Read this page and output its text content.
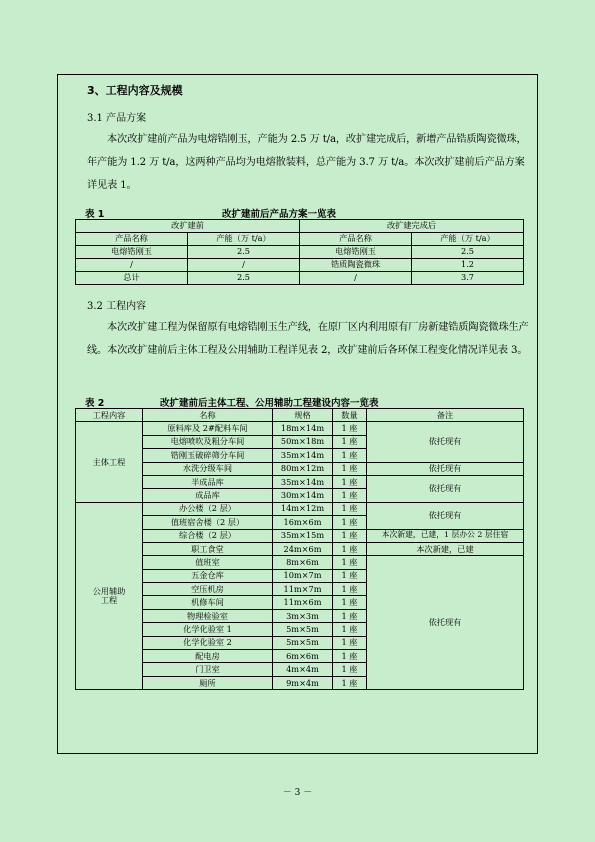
3、工程内容及规模
3.1 产品方案
本次改扩建前产品为电熔锆刚玉，产能为 2.5 万 t/a，改扩建完成后，新增产品锆质陶瓷微珠，年产能为 1.2 万 t/a，这两种产品均为电熔散装料，总产能为 3.7 万 t/a。本次改扩建前后产品方案详见表 1。
表 1	改扩建前后产品方案一览表
改扩建前		改扩建完成后	
产品名称	产能（万 t/a）	产品名称	产能（万 t/a）
电熔锆刚玉	2.5	电熔锆刚玉	2.5
/	/	锆质陶瓷微珠	1.2
总计	2.5	/	3.7
3.2 工程内容
本次改扩建工程为保留原有电熔锆刚玉生产线，在原厂区内利用原有厂房新建锆质陶瓷微珠生产线。本次改扩建前后主体工程及公用辅助工程详见表 2，改扩建前后各环保工程变化情况详见表 3。
表 2	改扩建前后主体工程、公用辅助工程建设内容一览表
工程内容	名称	规格	数量	备注
主体工程	原料库及 2#配料车间	18m×14m	1 座	依托现有
	电熔喷吹及粗分车间	50m×18m	1 座	
	锆刚玉破碎筛分车间	35m×14m	1 座	
	水洗分级车间	80m×12m	1 座	依托现有
	半成品库	35m×14m	1 座	依托现有
	成品库	30m×14m	1 座	
公用辅助工程	办公楼（2 层）	14m×12m	1 座	依托现有
	值班宿舍楼（2 层）	16m×6m	1 座	
	综合楼（2 层）	35m×15m	1 座	本次新建，已建，1 层办公 2 层住宿
	职工食堂	24m×6m	1 座	本次新建，已建
	值班室	8m×6m	1 座	依托现有
	五金仓库	10m×7m	1 座	
	空压机房	11m×7m	1 座	
	机修车间	11m×6m	1 座	
	物理检验室	3m×3m	1 座	
	化学化验室 1	5m×5m	1 座	
	化学化验室 2	5m×5m	1 座	
	配电房	6m×6m	1 座	
	门卫室	4m×4m	1 座	
	厕所	9m×4m	1 座	
－ 3 －
